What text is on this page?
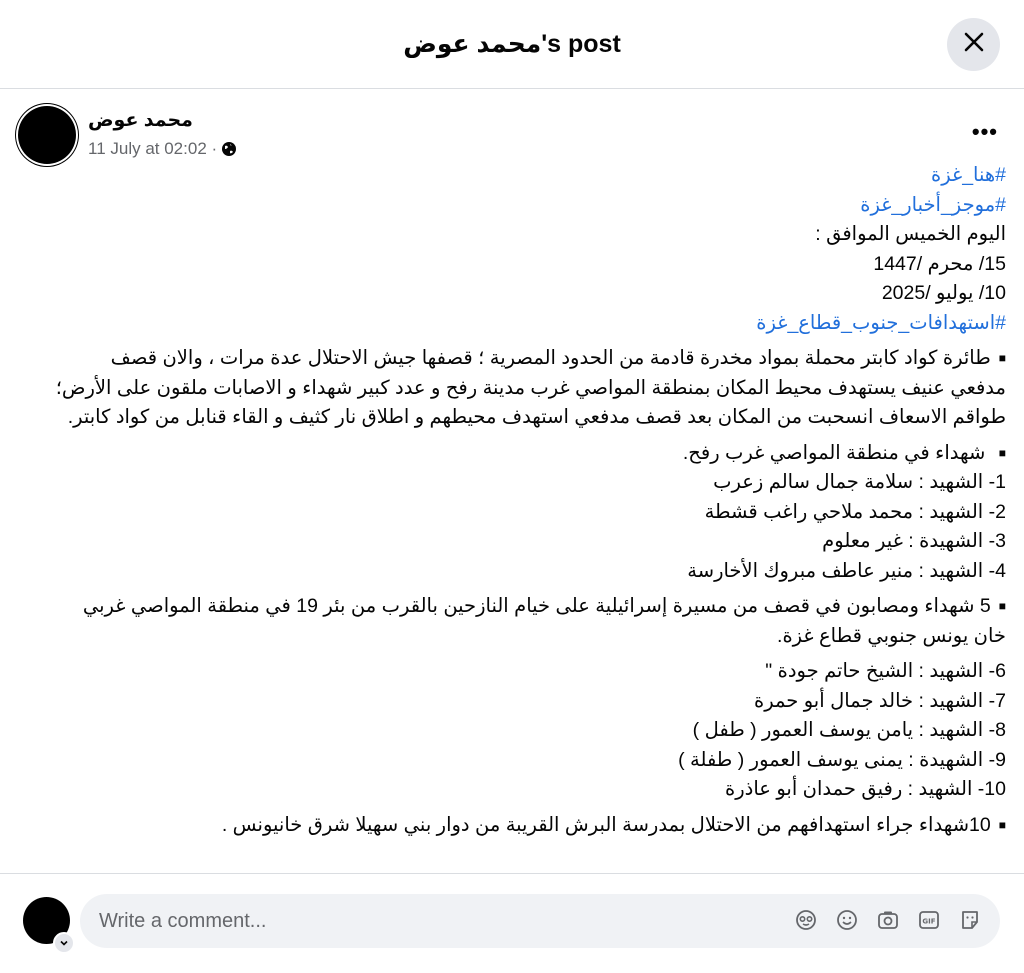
محمد عوض's post
محمد عوض
11 July at 02:02 ·
•••
#هنا_غزة
#موجز_أخبار_غزة
اليوم الخميس الموافق :
15/ محرم /1447
10/ يوليو /2025
#استهدافات_جنوب_قطاع_غزة
■طائرة كواد كابتر محملة بمواد مخدرة قادمة من الحدود المصرية ؛ قصفها جيش الاحتلال عدة مرات ، والان قصف مدفعي عنيف يستهدف محيط المكان بمنطقة المواصي غرب مدينة رفح و عدد كبير شهداء و الاصابات ملقون على الأرض؛ طواقم الاسعاف انسحبت من المكان بعد قصف مدفعي استهدف محيطهم و اطلاق نار كثيف و القاء قنابل من كواد كابتر.
■ شهداء في منطقة المواصي غرب رفح.
1- الشهيد : سلامة جمال سالم زعرب
2- الشهيد : محمد ملاحي راغب قشطة
3- الشهيدة : غير معلوم
4- الشهيد : منير عاطف مبروك الأخارسة
■5 شهداء ومصابون في قصف من مسيرة إسرائيلية على خيام النازحين بالقرب من بئر 19 في منطقة المواصي غربي خان يونس جنوبي قطاع غزة.
6- الشهيد : الشيخ حاتم جودة "
7- الشهيد : خالد جمال أبو حمرة
8- الشهيد : يامن يوسف العمور ( طفل )
9- الشهيدة : يمنى يوسف العمور ( طفلة )
10- الشهيد : رفيق حمدان أبو عاذرة
■10شهداء جراء استهدافهم من الاحتلال بمدرسة البرش القريبة من دوار بني سهيلا شرق خانيونس .
Write a comment...
GIF
